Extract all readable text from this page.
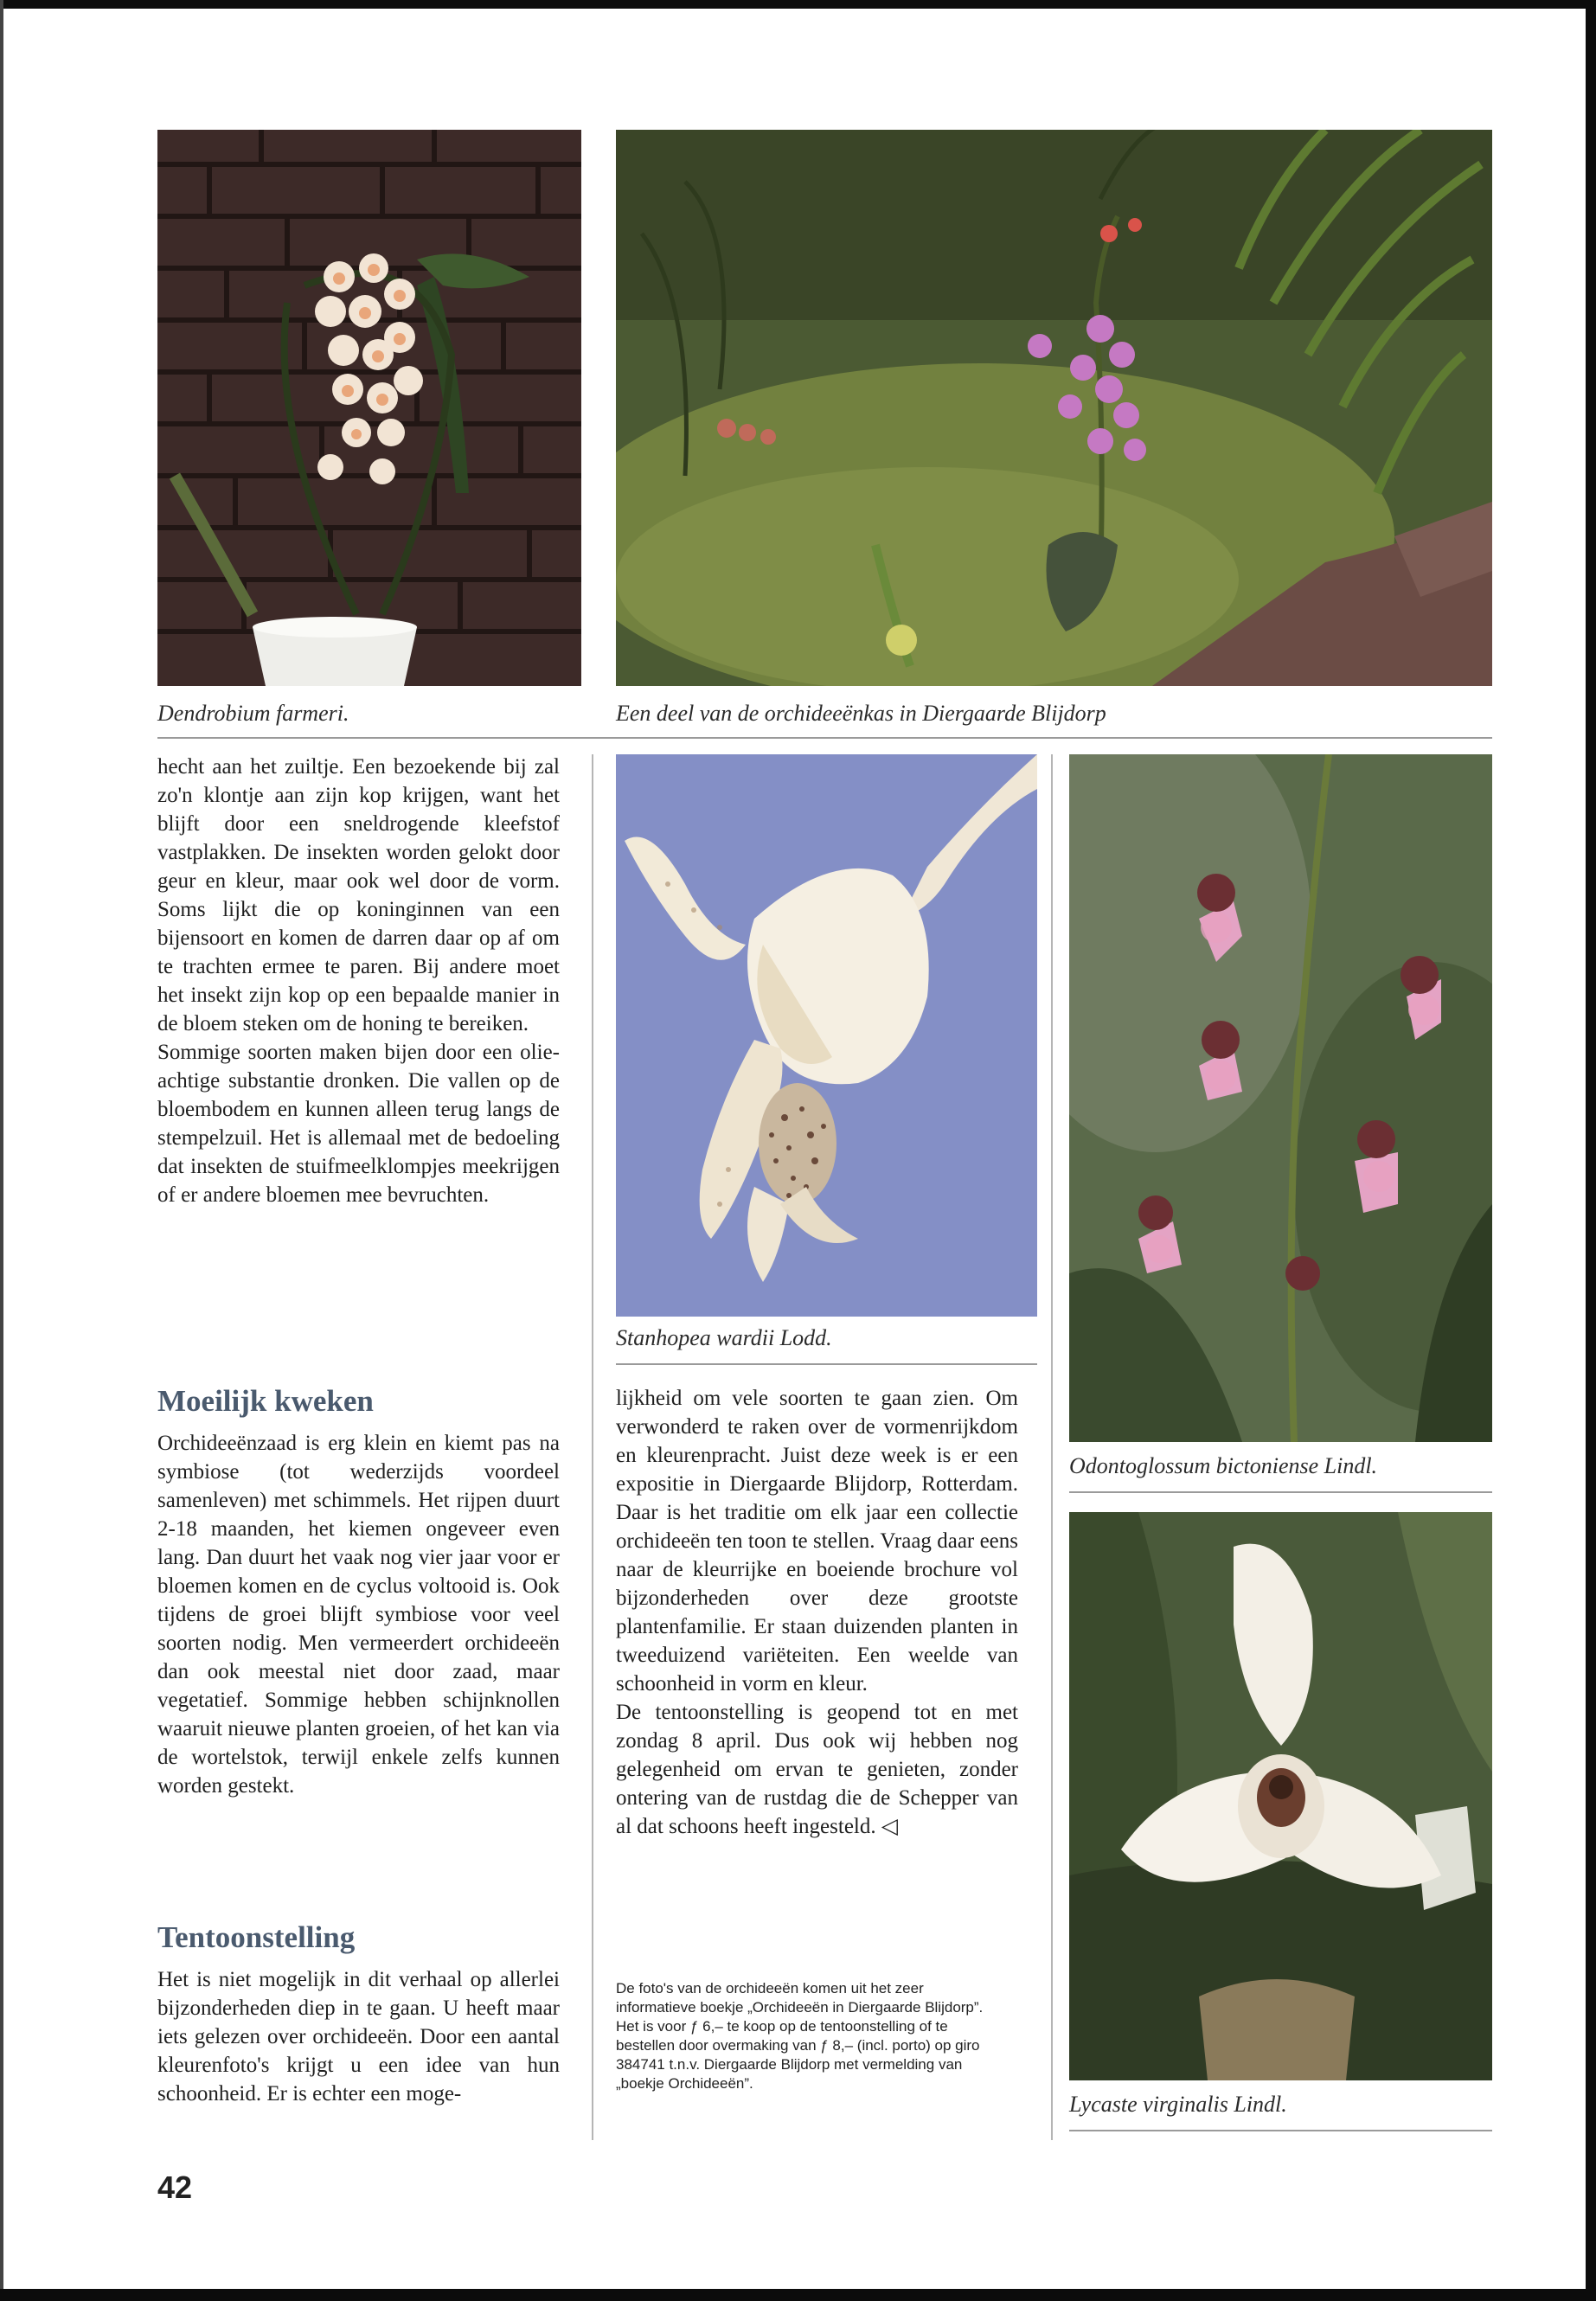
Dendrobium farmeri.	Een deel van de orchideeënkas in Diergaarde Blijdorp

hecht aan het zuiltje. Een bezoekende bij zal zo'n klontje aan zijn kop krijgen, want het blijft door een sneldrogende kleefstof vastplakken. De insekten worden gelokt door geur en kleur, maar ook wel door de vorm. Soms lijkt die op koninginnen van een bijensoort en komen de darren daar op af om te trachten ermee te paren. Bij andere moet het insekt zijn kop op een bepaalde manier in de bloem steken om de honing te bereiken.

Sommige soorten maken bijen door een olie-achtige substantie dronken. Die vallen op de bloembodem en kunnen alleen terug langs de stempelzuil. Het is allemaal met de bedoeling dat insekten de stuifmeelklompjes meekrijgen of er andere bloemen mee bevruchten.

Moeilijk kweken

Orchideeënzaad is erg klein en kiemt pas na symbiose (tot wederzijds voordeel samenleven) met schimmels. Het rijpen duurt 2-18 maanden, het kiemen ongeveer even lang. Dan duurt het vaak nog vier jaar voor er bloemen komen en de cyclus voltooid is. Ook tijdens de groei blijft symbiose voor veel soorten nodig. Men vermeerdert orchideeën dan ook meestal niet door zaad, maar vegetatief. Sommige hebben schijnknollen waaruit nieuwe planten groeien, of het kan via de wortelstok, terwijl enkele zelfs kunnen worden gestekt.

Tentoonstelling

Het is niet mogelijk in dit verhaal op allerlei bijzonderheden diep in te gaan. U heeft maar iets gelezen over orchideeën. Door een aantal kleurenfoto's krijgt u een idee van hun schoonheid. Er is echter een moge-

Stanhopea wardii Lodd.

lijkheid om vele soorten te gaan zien. Om verwonderd te raken over de vormenrijkdom en kleurenpracht. Juist deze week is er een expositie in Diergaarde Blijdorp, Rotterdam. Daar is het traditie om elk jaar een collectie orchideeën ten toon te stellen. Vraag daar eens naar de kleurrijke en boeiende brochure vol bijzonderheden over deze grootste plantenfamilie. Er staan duizenden planten in tweeduizend variëteiten. Een weelde van schoonheid in vorm en kleur.

De tentoonstelling is geopend tot en met zondag 8 april. Dus ook wij hebben nog gelegenheid om ervan te genieten, zonder ontering van de rustdag die de Schepper van al dat schoons heeft ingesteld. ◁

De foto's van de orchideeën komen uit het zeer informatieve boekje „Orchideeën in Diergaarde Blijdorp”. Het is voor ƒ 6,– te koop op de tentoonstelling of te bestellen door overmaking van ƒ 8,– (incl. porto) op giro 384741 t.n.v. Diergaarde Blijdorp met vermelding van „boekje Orchideeën”.
Odontoglossum bictoniense Lindl.
Lycaste virginalis Lindl.
42
